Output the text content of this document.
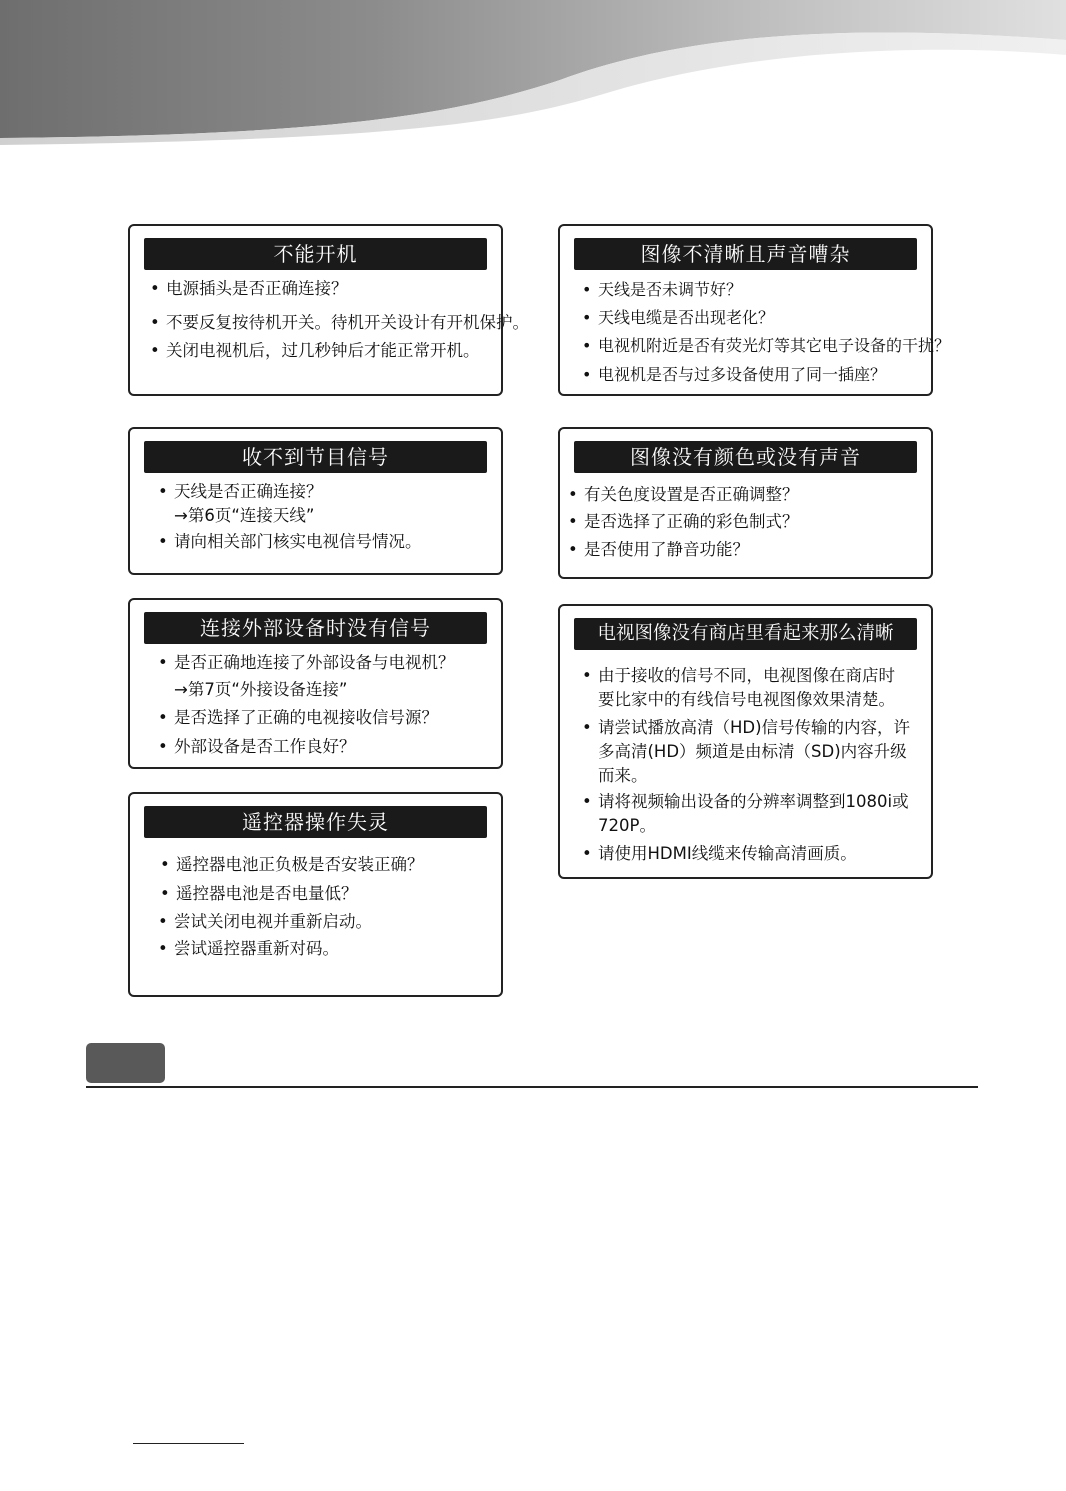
不能开机
• 电源插头是否正确连接？
• 不要反复按待机开关。待机开关设计有开机保护。
• 关闭电视机后，过几秒钟后才能正常开机。
收不到节目信号
• 天线是否正确连接？
→第6页“连接天线”
• 请向相关部门核实电视信号情况。
连接外部设备时没有信号
• 是否正确地连接了外部设备与电视机？
→第7页“外接设备连接”
• 是否选择了正确的电视接收信号源？
• 外部设备是否工作良好？
遥控器操作失灵
• 遥控器电池正负极是否安装正确？
• 遥控器电池是否电量低？
• 尝试关闭电视并重新启动。
• 尝试遥控器重新对码。
图像不清晰且声音嘈杂
• 天线是否未调节好？
• 天线电缆是否出现老化？
• 电视机附近是否有荧光灯等其它电子设备的干扰？
• 电视机是否与过多设备使用了同一插座？
图像没有颜色或没有声音
• 有关色度设置是否正确调整？
• 是否选择了正确的彩色制式？
• 是否使用了静音功能？
电视图像没有商店里看起来那么清晰
• 由于接收的信号不同，电视图像在商店时要比家中的有线信号电视图像效果清楚。
• 请尝试播放高清（HD)信号传输的内容，许多高清(HD）频道是由标清（SD)内容升级而来。
• 请将视频输出设备的分辨率调整到1080i或720P。
• 请使用HDMI线缆来传输高清画质。
